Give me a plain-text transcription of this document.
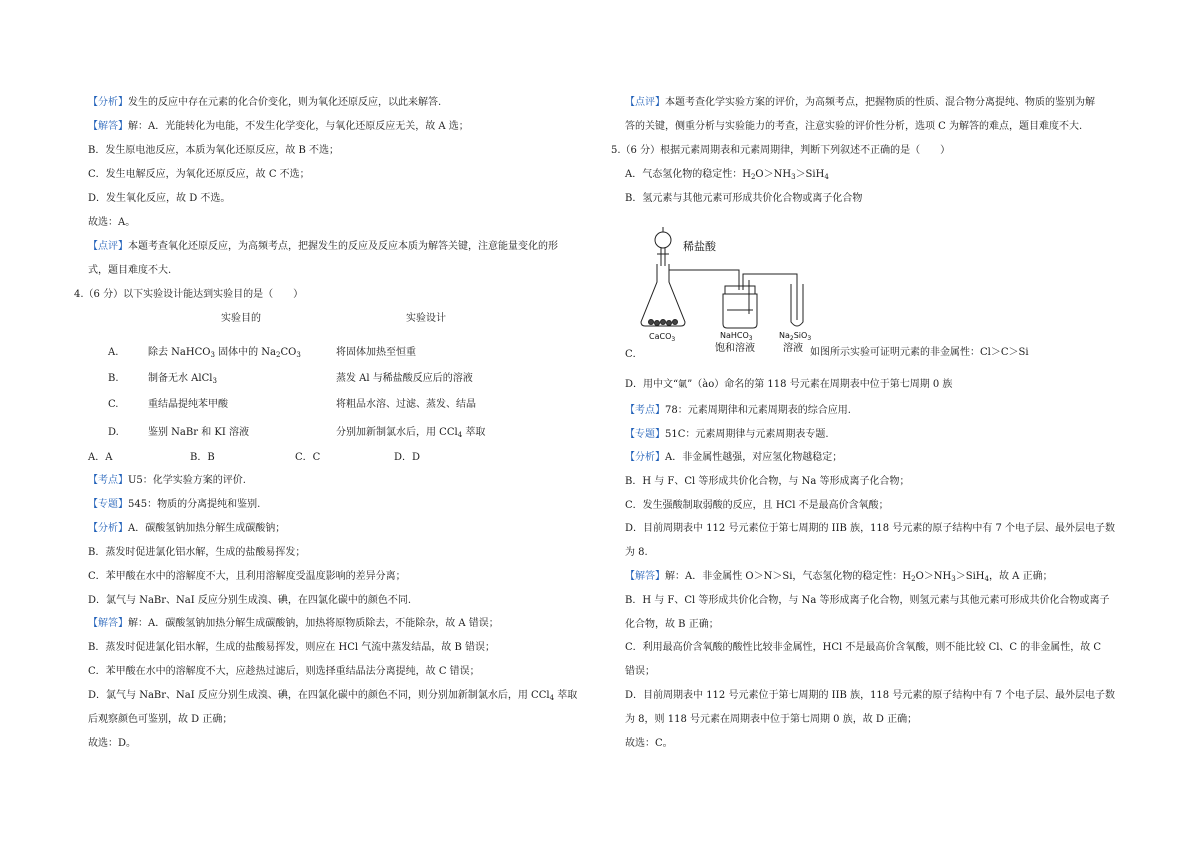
【分析】发生的反应中存在元素的化合价变化，则为氧化还原反应，以此来解答.
【解答】解：A．光能转化为电能，不发生化学变化，与氧化还原反应无关，故 A 选；
B．发生原电池反应，本质为氧化还原反应，故 B 不选；
C．发生电解反应，为氧化还原反应，故 C 不选；
D．发生氧化反应，故 D 不选。
故选：A。
【点评】本题考查氧化还原反应，为高频考点，把握发生的反应及反应本质为解答关键，注意能量变化的形
式，题目难度不大.
4.（6 分）以下实验设计能达到实验目的是（　　）
实验目的	实验设计
A.	除去 NaHCO$_3$ 固体中的 $Na_2CO_3$	将固体加热至恒重
B.	制备无水 AlCl$_3$	蒸发 Al 与稀盐酸反应后的溶液
C.	重结晶提纯苯甲酸	将粗品水溶、过滤、蒸发、结晶
D.	鉴别 NaBr 和 KI 溶液	分别加新制氯水后，用 CCl$_4$ 萃取
A．A	B．B	C．C	D．D
【考点】U5：化学实验方案的评价.
【专题】545：物质的分离提纯和鉴别.
【分析】A．碳酸氢钠加热分解生成碳酸钠；
B．蒸发时促进氯化铝水解，生成的盐酸易挥发；
C．苯甲酸在水中的溶解度不大，且利用溶解度受温度影响的差异分离；
D．氯气与 NaBr、NaI 反应分别生成溴、碘，在四氯化碳中的颜色不同.
【解答】解：A．碳酸氢钠加热分解生成碳酸钠，加热将原物质除去，不能除杂，故 A 错误；
B．蒸发时促进氯化铝水解，生成的盐酸易挥发，则应在 HCl 气流中蒸发结晶，故 B 错误；
C．苯甲酸在水中的溶解度不大，应趁热过滤后，则选择重结晶法分离提纯，故 C 错误；
D．氯气与 NaBr、NaI 反应分别生成溴、碘，在四氯化碳中的颜色不同，则分别加新制氯水后，用 CCl$_4$ 萃取
后观察颜色可鉴别，故 D 正确；
故选：D。
【点评】本题考查化学实验方案的评价，为高频考点，把握物质的性质、混合物分离提纯、物质的鉴别为解
答的关键，侧重分析与实验能力的考查，注意实验的评价性分析，选项 C 为解答的难点，题目难度不大.
5.（6 分）根据元素周期表和元素周期律，判断下列叙述不正确的是（　　）
A．气态氢化物的稳定性：$H_2O>NH_3>SiH_4$
B．氢元素与其他元素可形成共价化合物或离子化合物
C．	如图所示实验可证明元素的非金属性：Cl＞C＞Si
D．用中文“氭”（ào）命名的第 118 号元素在周期表中位于第七周期 0 族
【考点】78：元素周期律和元素周期表的综合应用.
【专题】51C：元素周期律与元素周期表专题.
【分析】A．非金属性越强，对应氢化物越稳定；
B．H 与 F、Cl 等形成共价化合物，与 Na 等形成离子化合物；
C．发生强酸制取弱酸的反应，且 HCl 不是最高价含氧酸；
D．目前周期表中 112 号元素位于第七周期的 IIB 族，118 号元素的原子结构中有 7 个电子层、最外层电子数
为 8.
【解答】解：A．非金属性 O＞N＞Si，气态氢化物的稳定性：$H_2O>NH_3>SiH_4$，故 A 正确；
B．H 与 F、Cl 等形成共价化合物，与 Na 等形成离子化合物，则氢元素与其他元素可形成共价化合物或离子
化合物，故 B 正确；
C．利用最高价含氧酸的酸性比较非金属性，HCl 不是最高价含氧酸，则不能比较 Cl、C 的非金属性，故 C
错误；
D．目前周期表中 112 号元素位于第七周期的 IIB 族，118 号元素的原子结构中有 7 个电子层、最外层电子数
为 8，则 118 号元素在周期表中位于第七周期 0 族，故 D 正确；
故选：C。
稀盐酸
CaCO$_3$	NaHCO$_3$
饱和溶液
$Na_2SiO_3$
溶液
